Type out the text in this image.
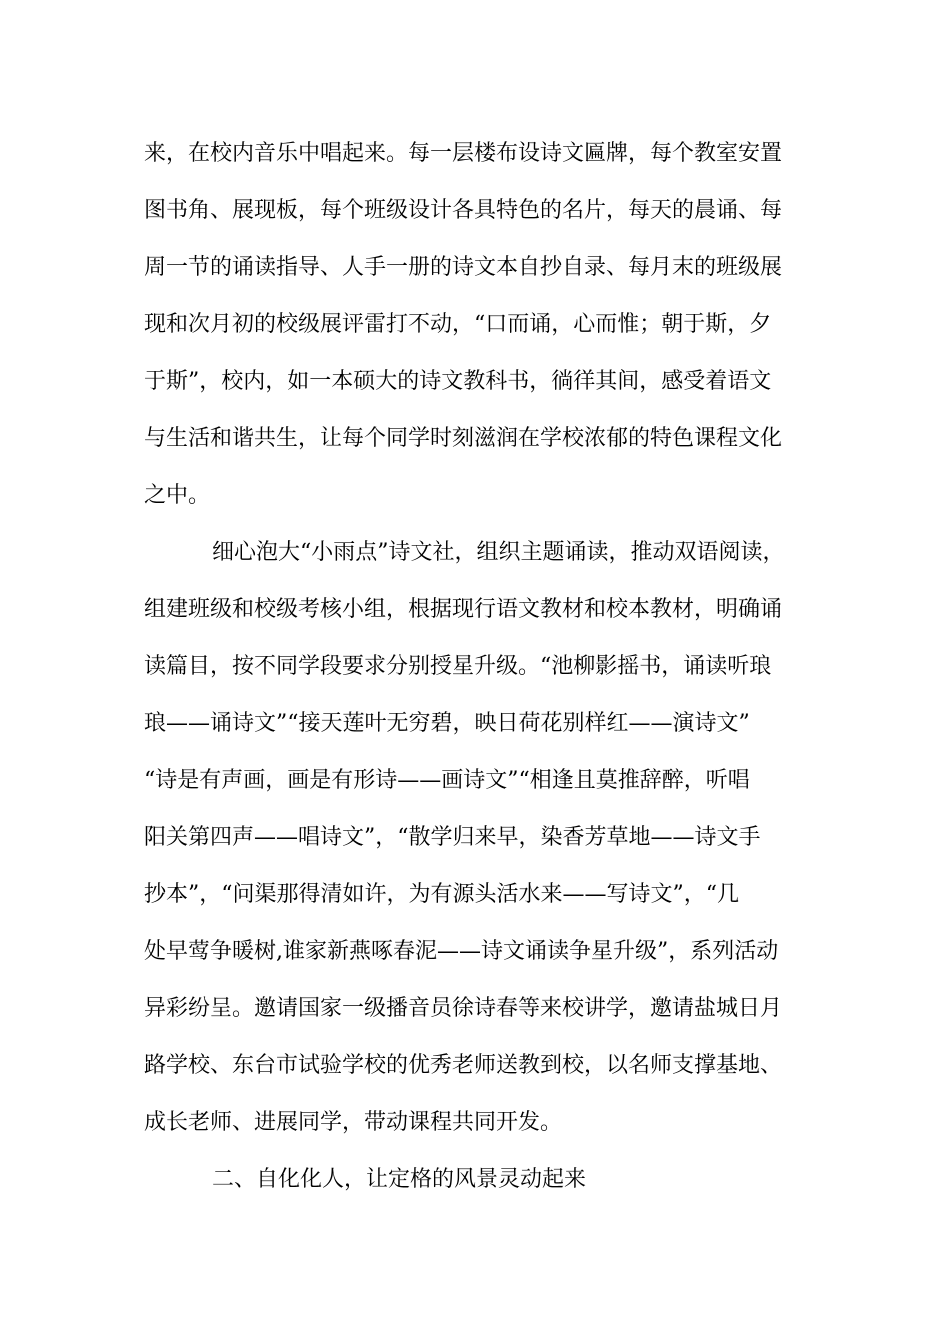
来，在校内音乐中唱起来。每一层楼布设诗文匾牌，每个教室安置
图书角、展现板，每个班级设计各具特色的名片，每天的晨诵、每
周一节的诵读指导、人手一册的诗文本自抄自录、每月末的班级展
现和次月初的校级展评雷打不动，“口而诵，心而惟；朝于斯，夕
于斯”，校内，如一本硕大的诗文教科书，徜徉其间，感受着语文
与生活和谐共生，让每个同学时刻滋润在学校浓郁的特色课程文化
之中。
细心泡大“小雨点”诗文社，组织主题诵读，推动双语阅读，
组建班级和校级考核小组，根据现行语文教材和校本教材，明确诵
读篇目，按不同学段要求分别授星升级。“池柳影摇书，诵读听琅
琅——诵诗文”“接天莲叶无穷碧，映日荷花别样红——演诗文”
“诗是有声画，画是有形诗——画诗文”“相逢且莫推辞醉，听唱
阳关第四声——唱诗文”，“散学归来早，染香芳草地——诗文手
抄本”，“问渠那得清如许，为有源头活水来——写诗文”，“几
处早莺争暖树,谁家新燕啄春泥——诗文诵读争星升级”，系列活动
异彩纷呈。邀请国家一级播音员徐诗春等来校讲学，邀请盐城日月
路学校、东台市试验学校的优秀老师送教到校，以名师支撑基地、
成长老师、进展同学，带动课程共同开发。
二、自化化人，让定格的风景灵动起来
